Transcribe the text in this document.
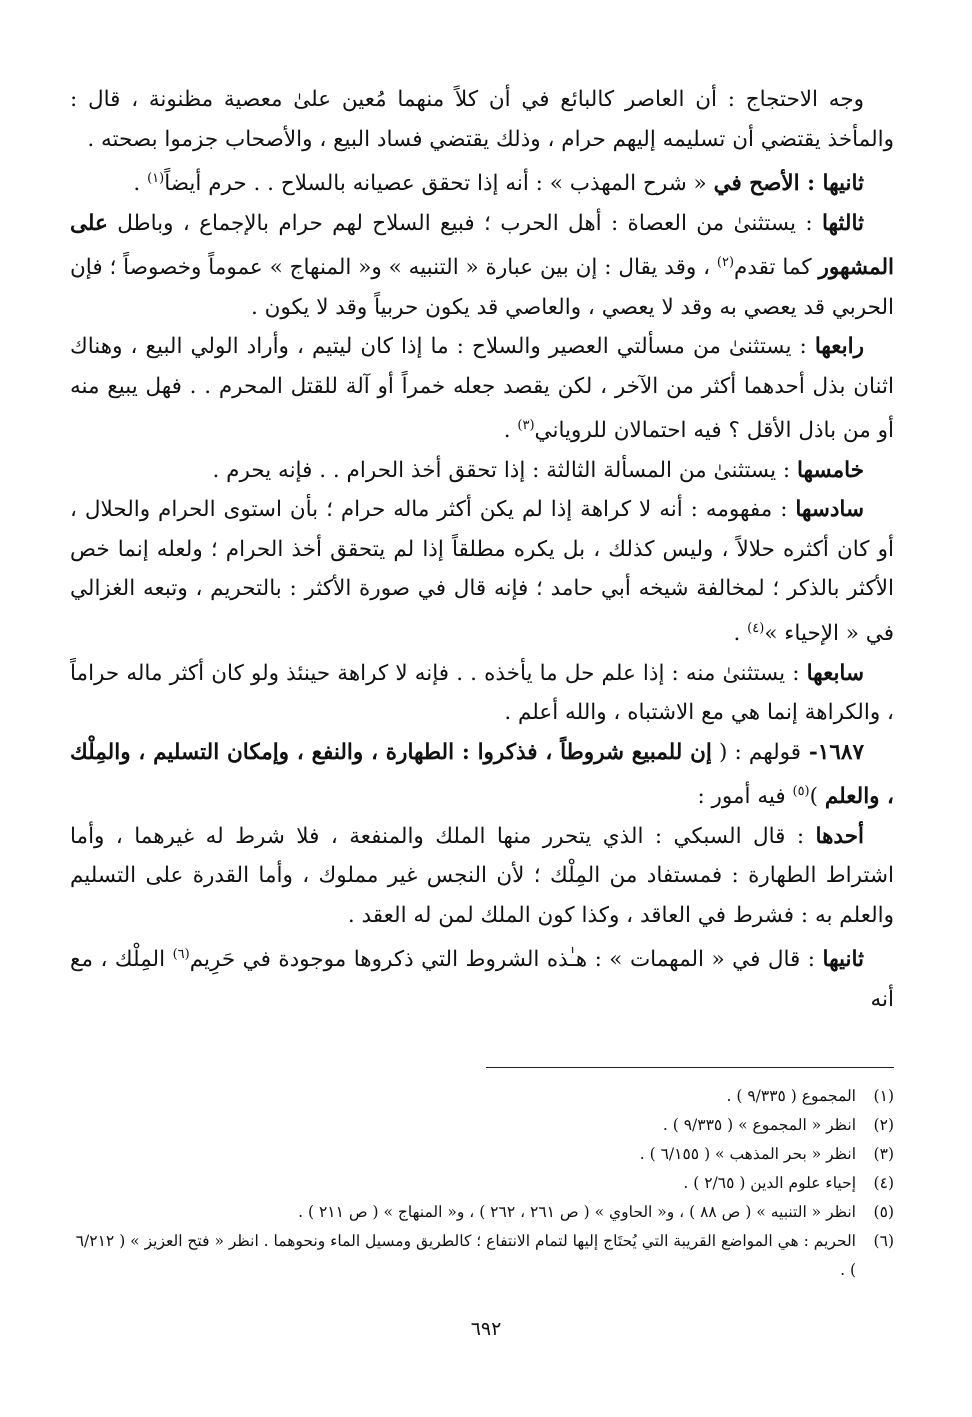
وجه الاحتجاج : أن العاصر كالبائع في أن كلاً منهما مُعين علىٰ معصية مظنونة ، قال : والمأخذ يقتضي أن تسليمه إليهم حرام ، وذلك يقتضي فساد البيع ، والأصحاب جزموا بصحته .

ثانيها : الأصح في « شرح المهذب » : أنه إذا تحقق عصيانه بالسلاح . . حرم أيضاً$^{(١)}$ .

ثالثها : يستثنىٰ من العصاة : أهل الحرب ؛ فبيع السلاح لهم حرام بالإجماع ، وباطل على المشهور كما تقدم$^{(٢)}$ ، وقد يقال : إن بين عبارة « التنبيه » و« المنهاج » عموماً وخصوصاً ؛ فإن الحربي قد يعصي به وقد لا يعصي ، والعاصي قد يكون حربياً وقد لا يكون .

رابعها : يستثنىٰ من مسألتي العصير والسلاح : ما إذا كان ليتيم ، وأراد الولي البيع ، وهناك اثنان بذل أحدهما أكثر من الآخر ، لكن يقصد جعله خمراً أو آلة للقتل المحرم . . فهل يبيع منه أو من باذل الأقل ؟ فيه احتمالان للروياني$^{(٣)}$ .

خامسها : يستثنىٰ من المسألة الثالثة : إذا تحقق أخذ الحرام . . فإنه يحرم .

سادسها : مفهومه : أنه لا كراهة إذا لم يكن أكثر ماله حرام ؛ بأن استوى الحرام والحلال ، أو كان أكثره حلالاً ، وليس كذلك ، بل يكره مطلقاً إذا لم يتحقق أخذ الحرام ؛ ولعله إنما خص الأكثر بالذكر ؛ لمخالفة شيخه أبي حامد ؛ فإنه قال في صورة الأكثر : بالتحريم ، وتبعه الغزالي في « الإحياء »$^{(٤)}$ .

سابعها : يستثنىٰ منه : إذا علم حل ما يأخذه . . فإنه لا كراهة حينئذ ولو كان أكثر ماله حراماً ، والكراهة إنما هي مع الاشتباه ، والله أعلم .

١٦٨٧- قولهم : ( إن للمبيع شروطاً ، فذكروا : الطهارة ، والنفع ، وإمكان التسليم ، والمِلْك ، والعلم )$^{(٥)}$ فيه أمور :

أحدها : قال السبكي : الذي يتحرر منها الملك والمنفعة ، فلا شرط له غيرهما ، وأما اشتراط الطهارة : فمستفاد من المِلْك ؛ لأن النجس غير مملوك ، وأما القدرة على التسليم والعلم به : فشرط في العاقد ، وكذا كون الملك لمن له العقد .

ثانيها : قال في « المهمات » : هـٰذه الشروط التي ذكروها موجودة في حَرِيم$^{(٦)}$ المِلْك ، مع أنه

(١)
المجموع ( ٩/٣٣٥ ) .
(٢)
انظر « المجموع » ( ٩/٣٣٥ ) .
(٣)
انظر « بحر المذهب » ( ٦/١٥٥ ) .
(٤)
إحياء علوم الدين ( ٢/٦٥ ) .
(٥)
انظر « التنبيه » ( ص ٨٨ ) ، و« الحاوي » ( ص ٢٦١ ، ٢٦٢ ) ، و« المنهاج » ( ص ٢١١ ) .
(٦)
الحريم : هي المواضع القريبة التي يُحتَاج إليها لتمام الانتفاع ؛ كالطريق ومسيل الماء ونحوهما . انظر « فتح العزيز » ( ٦/٢١٢ ) .
٦٩٢
